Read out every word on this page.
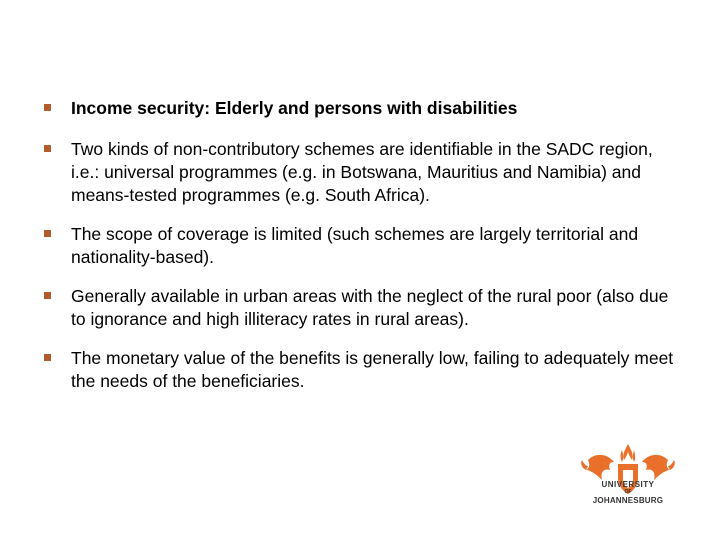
Income security: Elderly and persons with disabilities
Two kinds of non-contributory schemes are identifiable in the SADC region, i.e.: universal programmes (e.g. in Botswana, Mauritius and Namibia) and means-tested programmes (e.g. South Africa).
The scope of coverage is limited (such schemes are largely territorial and nationality-based).
Generally available in urban areas with the neglect of the rural poor (also due to ignorance and high illiteracy rates in rural areas).
The monetary value of the benefits is generally low, failing to adequately meet the needs of the beneficiaries.
UNIVERSITY
OF
JOHANNESBURG
